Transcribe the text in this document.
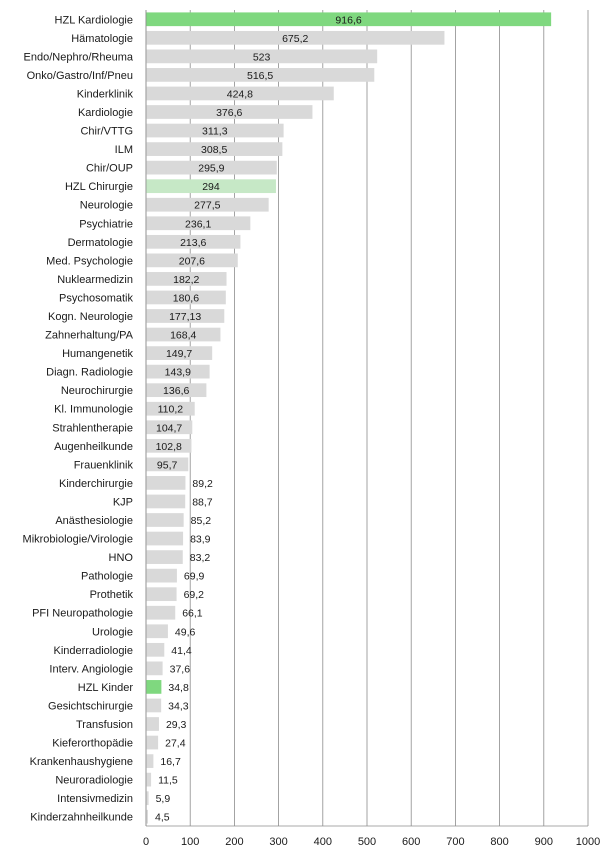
916,6
675,2
523
516,5
424,8
376,6
311,3
308,5
295,9
294
277,5
236,1
213,6
207,6
182,2
180,6
177,13
168,4
149,7
143,9
136,6
110,2
104,7
102,8
95,7
89,2
88,7
85,2
83,9
83,2
69,9
69,2
66,1
49,6
41,4
37,6
34,8
34,3
29,3
27,4
16,7
11,5
5,9
4,5
HZL Kardiologie
Hämatologie
Endo/Nephro/Rheuma
Onko/Gastro/Inf/Pneu
Kinderklinik
Kardiologie
Chir/VTTG
ILM
Chir/OUP
HZL Chirurgie
Neurologie
Psychiatrie
Dermatologie
Med. Psychologie
Nuklearmedizin
Psychosomatik
Kogn. Neurologie
Zahnerhaltung/PA
Humangenetik
Diagn. Radiologie
Neurochirurgie
Kl. Immunologie
Strahlentherapie
Augenheilkunde
Frauenklinik
Kinderchirurgie
KJP
Anästhesiologie
Mikrobiologie/Virologie
HNO
Pathologie
Prothetik
PFI Neuropathologie
Urologie
Kinderradiologie
Interv. Angiologie
HZL Kinder
Gesichtschirurgie
Transfusion
Kieferorthopädie
Krankenhaushygiene
Neuroradiologie
Intensivmedizin
Kinderzahnheilkunde
0	100 200 300 400 500 600 700 800 900 1000
